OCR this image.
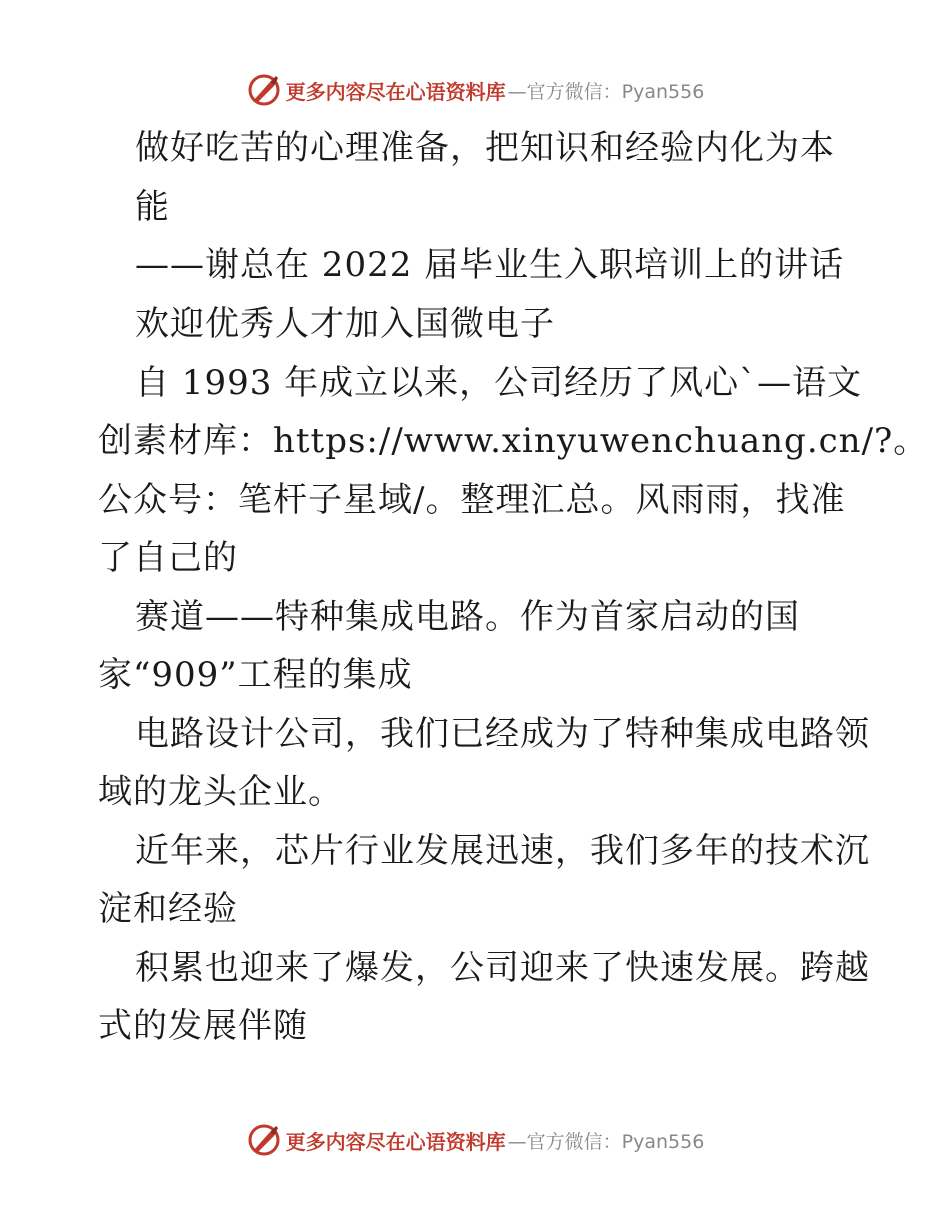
更多内容尽在心语资料库 —官方微信：Pyan556
做好吃苦的心理准备，把知识和经验内化为本
能
——谢总在 2022 届毕业生入职培训上的讲话
欢迎优秀人才加入国微电子
自 1993 年成立以来，公司经历了风心`—语文
创素材库：https://www.xinyuwenchuang.cn/?。
公众号：笔杆子星域/。整理汇总。风雨雨，找准
了自己的
赛道——特种集成电路。作为首家启动的国
家“909”工程的集成
电路设计公司，我们已经成为了特种集成电路领
域的龙头企业。
近年来，芯片行业发展迅速，我们多年的技术沉
淀和经验
积累也迎来了爆发，公司迎来了快速发展。跨越
式的发展伴随
更多内容尽在心语资料库 —官方微信：Pyan556
